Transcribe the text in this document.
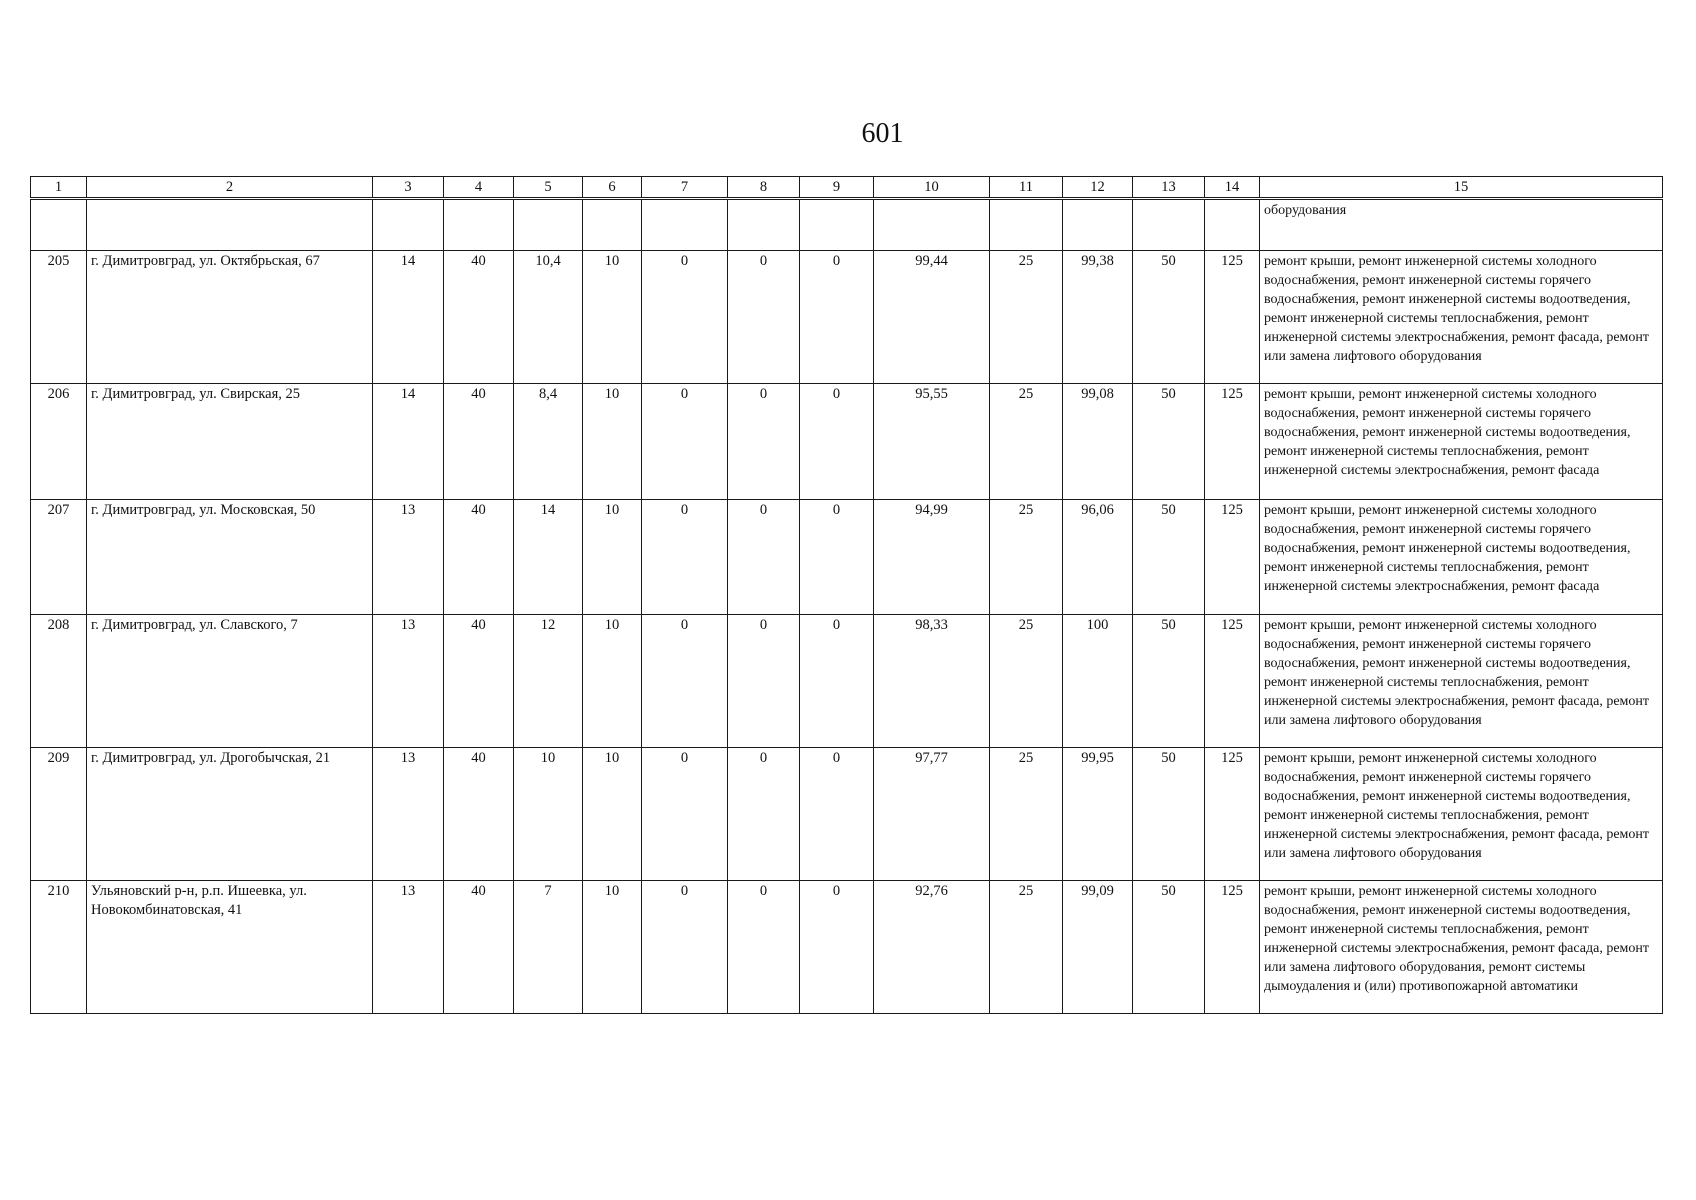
601
1	2	3	4	5	6	7	8	9	10	11	12	13	14	15
														оборудования
205	г. Димитровград, ул. Октябрьская, 67	14	40	10,4	10	0	0	0	99,44	25	99,38	50	125	ремонт крыши, ремонт инженерной системы холодного водоснабжения, ремонт инженерной системы горячего водоснабжения, ремонт инженерной системы водоотведения, ремонт инженерной системы теплоснабжения, ремонт инженерной системы электроснабжения, ремонт фасада, ремонт или замена лифтового оборудования
206	г. Димитровград, ул. Свирская, 25	14	40	8,4	10	0	0	0	95,55	25	99,08	50	125	ремонт крыши, ремонт инженерной системы холодного водоснабжения, ремонт инженерной системы горячего водоснабжения, ремонт инженерной системы водоотведения, ремонт инженерной системы теплоснабжения, ремонт инженерной системы электроснабжения, ремонт фасада
207	г. Димитровград, ул. Московская, 50	13	40	14	10	0	0	0	94,99	25	96,06	50	125	ремонт крыши, ремонт инженерной системы холодного водоснабжения, ремонт инженерной системы горячего водоснабжения, ремонт инженерной системы водоотведения, ремонт инженерной системы теплоснабжения, ремонт инженерной системы электроснабжения, ремонт фасада
208	г. Димитровград, ул. Славского, 7	13	40	12	10	0	0	0	98,33	25	100	50	125	ремонт крыши, ремонт инженерной системы холодного водоснабжения, ремонт инженерной системы горячего водоснабжения, ремонт инженерной системы водоотведения, ремонт инженерной системы теплоснабжения, ремонт инженерной системы электроснабжения, ремонт фасада, ремонт или замена лифтового оборудования
209	г. Димитровград, ул. Дрогобычская, 21	13	40	10	10	0	0	0	97,77	25	99,95	50	125	ремонт крыши, ремонт инженерной системы холодного водоснабжения, ремонт инженерной системы горячего водоснабжения, ремонт инженерной системы водоотведения, ремонт инженерной системы теплоснабжения, ремонт инженерной системы электроснабжения, ремонт фасада, ремонт или замена лифтового оборудования
210	Ульяновский р-н, р.п. Ишеевка, ул. Новокомбинатовская, 41	13	40	7	10	0	0	0	92,76	25	99,09	50	125	ремонт крыши, ремонт инженерной системы холодного водоснабжения, ремонт инженерной системы водоотведения, ремонт инженерной системы теплоснабжения, ремонт инженерной системы электроснабжения, ремонт фасада, ремонт или замена лифтового оборудования, ремонт системы дымоудаления и (или) противопожарной автоматики
